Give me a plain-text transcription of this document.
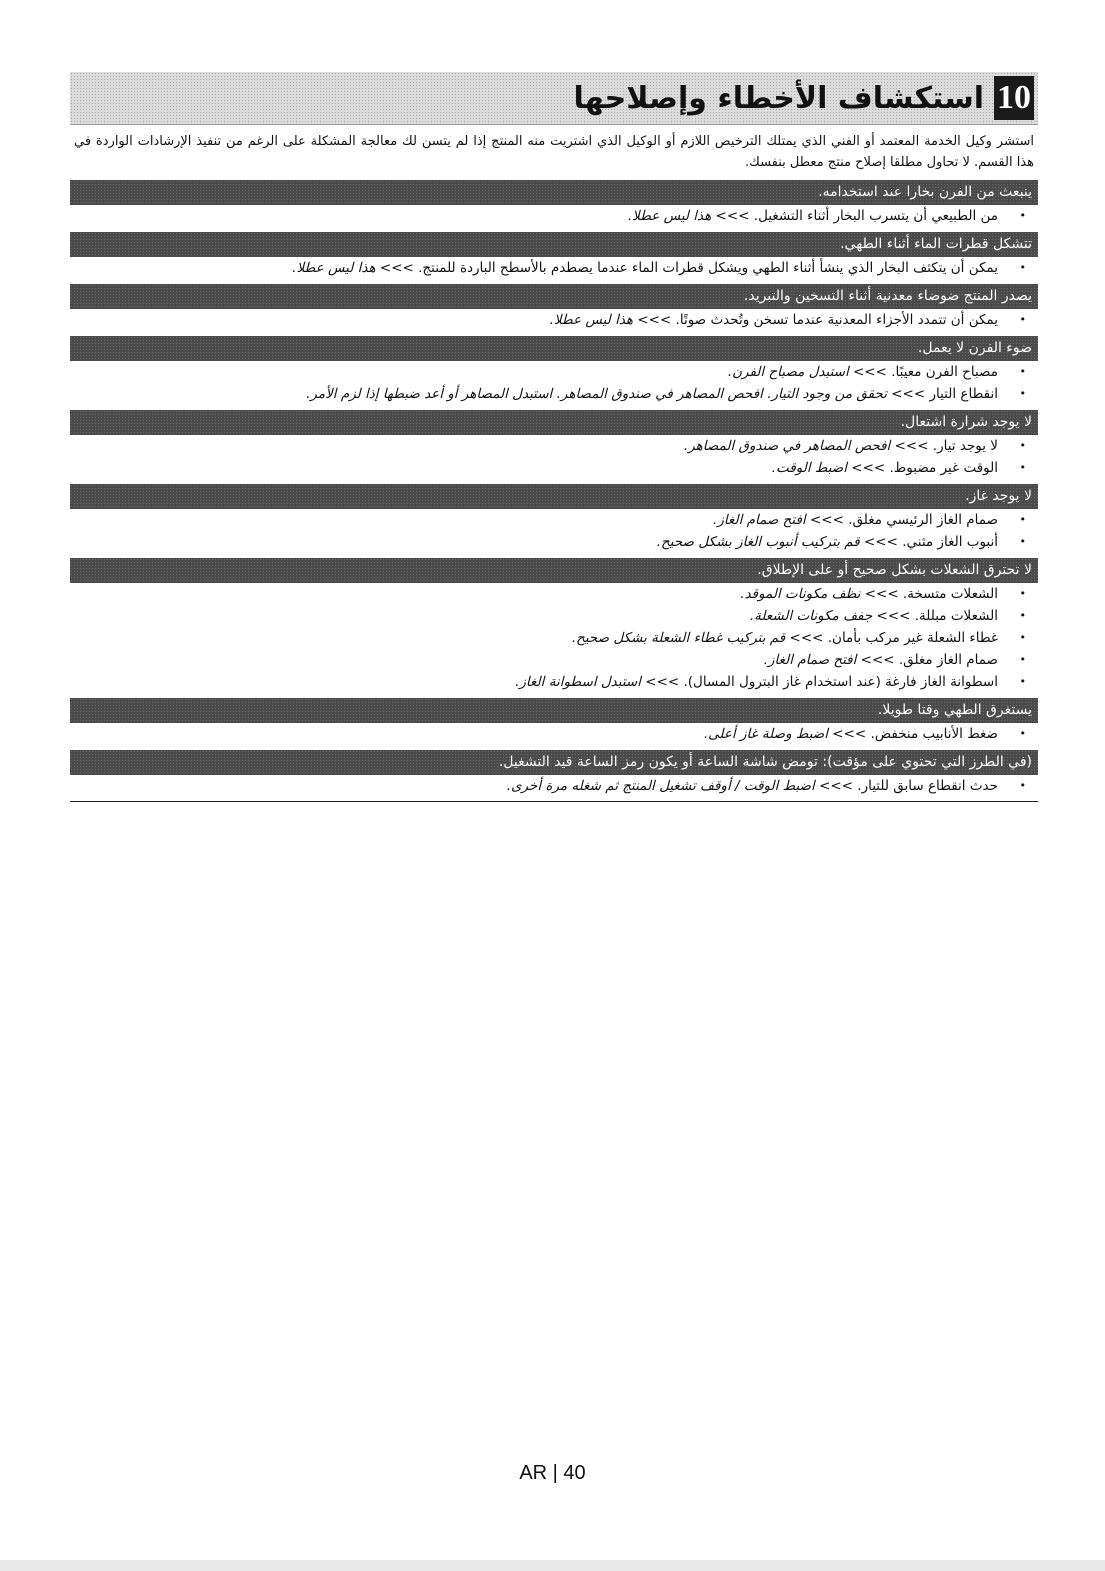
10
استكشاف الأخطاء وإصلاحها
استشر وكيل الخدمة المعتمد أو الفني الذي يمتلك الترخيص اللازم أو الوكيل الذي اشتريت منه المنتج إذا لم يتسن لك معالجة المشكلة على الرغم من تنفيذ الإرشادات الواردة في هذا القسم. لا تحاول مطلقا إصلاح منتج معطل بنفسك.
ينبعث من الفرن بخارا عند استخدامه.
•
من الطبيعي أن يتسرب البخار أثناء التشغيل. >>> هذا ليس عطلا.
تتشكل قطرات الماء أثناء الطهي.
•
يمكن أن يتكثف البخار الذي ينشأ أثناء الطهي ويشكل قطرات الماء عندما يصطدم بالأسطح الباردة للمنتج. >>> هذا ليس عطلا.
يصدر المنتج ضوضاء معدنية أثناء التسخين والتبريد.
•
يمكن أن تتمدد الأجزاء المعدنية عندما تسخن وتُحدث صوتًا. >>> هذا ليس عطلا.
ضوء الفرن لا يعمل.
•
مصباح الفرن معيبًا. >>> استبدل مصباح الفرن.
•
انقطاع التيار >>> تحقق من وجود التيار. افحص المصاهر في صندوق المصاهر. استبدل المصاهر أو أعد ضبطها إذا لزم الأمر.
لا يوجد شرارة اشتعال.
•
لا يوجد تيار. >>> افحص المصاهر في صندوق المصاهر.
•
الوقت غير مضبوط. >>> اضبط الوقت.
لا يوجد غاز.
•
صمام الغاز الرئيسي مغلق. >>> افتح صمام الغاز.
•
أنبوب الغاز مثني. >>> قم بتركيب أنبوب الغاز بشكل صحيح.
لا تحترق الشعلات بشكل صحيح أو على الإطلاق.
•
الشعلات متسخة. >>> نظف مكونات الموقد.
•
الشعلات مبللة. >>> جفف مكونات الشعلة.
•
غطاء الشعلة غير مركب بأمان. >>> قم بتركيب غطاء الشعلة بشكل صحيح.
•
صمام الغاز مغلق. >>> افتح صمام الغاز.
•
اسطوانة الغاز فارغة (عند استخدام غاز البترول المسال). >>> استبدل اسطوانة الغاز.
يستغرق الطهي وقتا طويلا.
•
ضغط الأنابيب منخفض. >>> اضبط وصلة غاز أعلى.
(في الطرز التي تحتوي على مؤقت): تومض شاشة الساعة أو يكون رمز الساعة قيد التشغيل.
•
حدث انقطاع سابق للتيار. >>> اضبط الوقت / أوقف تشغيل المنتج ثم شغله مرة أخرى.
AR | 40
